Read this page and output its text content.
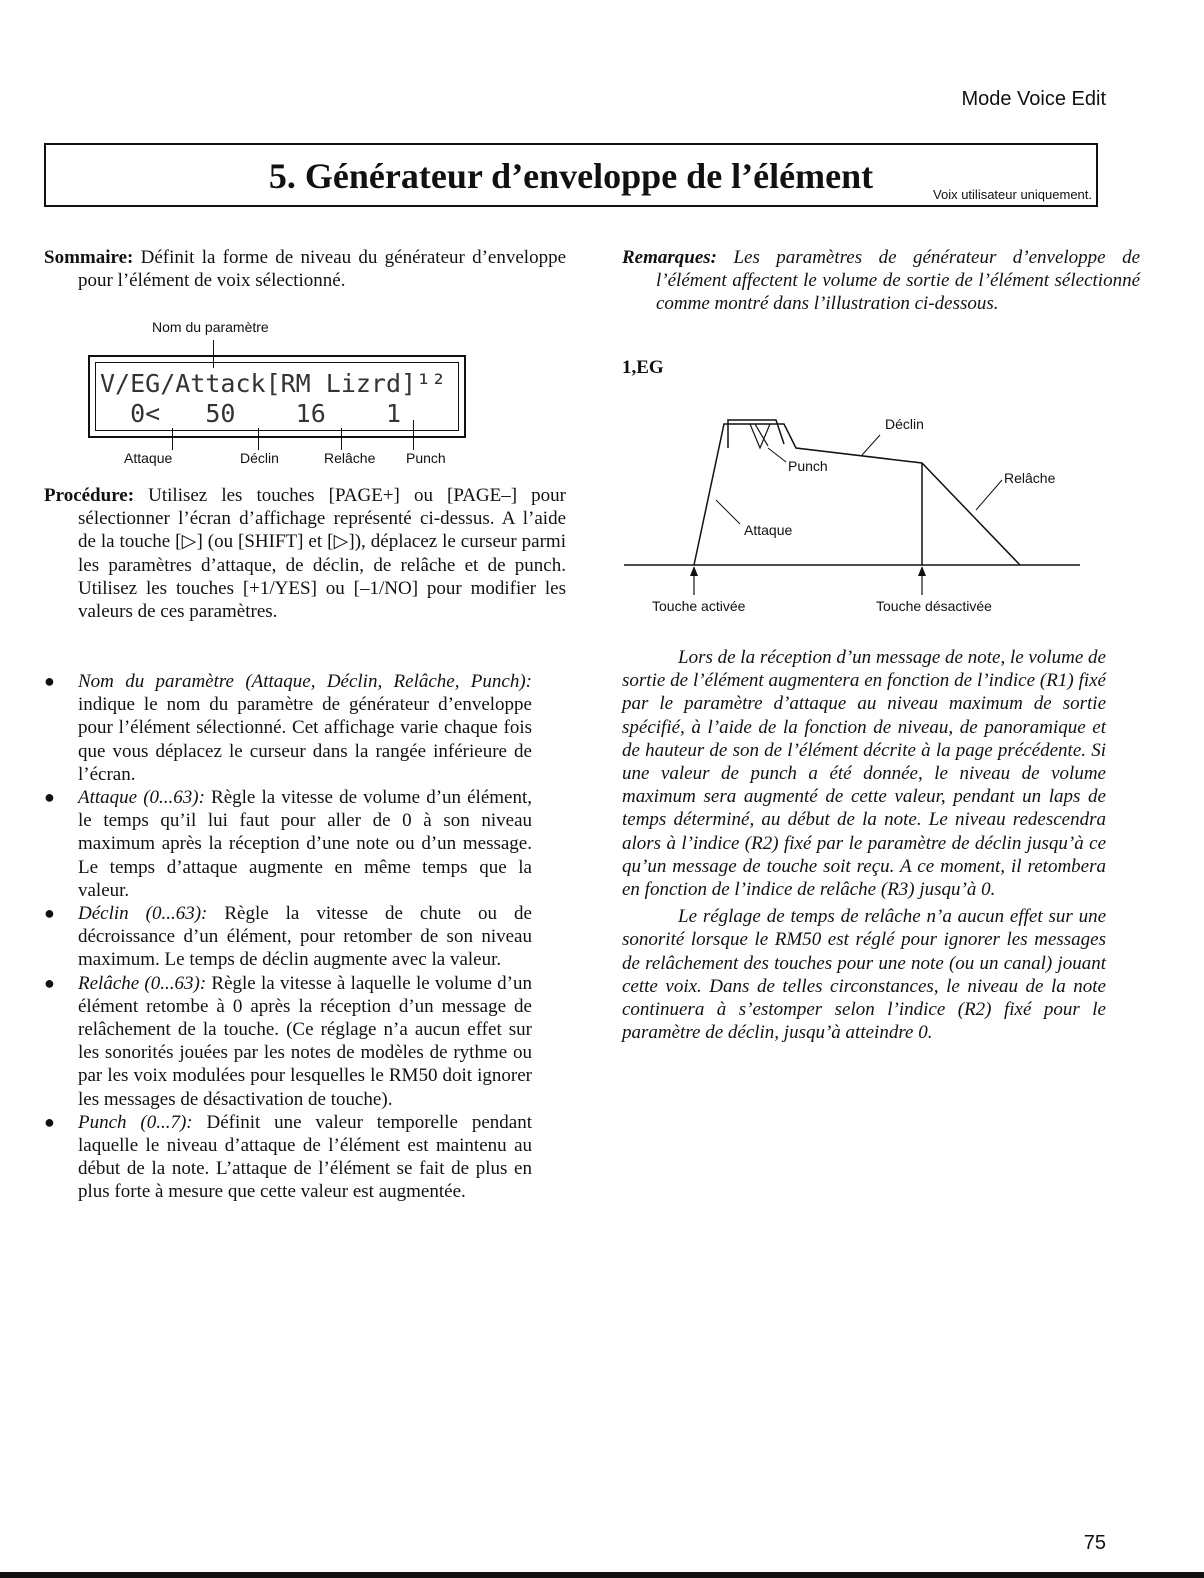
Mode Voice Edit
5. Générateur d’enveloppe de l’élément	Voix utilisateur uniquement.
Sommaire: Définit la forme de niveau du générateur d’enveloppe pour l’élément de voix sélectionné.
Nom du paramètre
V/EG/Attack[RM Lizrd]¹²
0<   50    16    1
Attaque	Déclin	Relâche Punch
Procédure: Utilisez les touches [PAGE+] ou [PAGE–] pour sélectionner l’écran d’affichage représenté ci-dessus. A l’aide de la touche [▷] (ou [SHIFT] et [▷]), déplacez le curseur parmi les paramètres d’attaque, de déclin, de relâche et de punch. Utilisez les touches [+1/YES] ou [–1/NO] pour modifier les valeurs de ces paramètres.
● Nom du paramètre (Attaque, Déclin, Relâche, Punch): indique le nom du paramètre de générateur d’enveloppe pour l’élément sélectionné. Cet affichage varie chaque fois que vous déplacez le curseur dans la rangée inférieure de l’écran.
● Attaque (0...63): Règle la vitesse de volume d’un élément, le temps qu’il lui faut pour aller de 0 à son niveau maximum après la réception d’une note ou d’un message. Le temps d’attaque augmente en même temps que la valeur.
● Déclin (0...63): Règle la vitesse de chute ou de décroissance d’un élément, pour retomber de son niveau maximum. Le temps de déclin augmente avec la valeur.
● Relâche (0...63): Règle la vitesse à laquelle le volume d’un élément retombe à 0 après la réception d’un message de relâchement de la touche. (Ce réglage n’a aucun effet sur les sonorités jouées par les notes de modèles de rythme ou par les voix modulées pour lesquelles le RM50 doit ignorer les messages de désactivation de touche).
● Punch (0...7): Définit une valeur temporelle pendant laquelle le niveau d’attaque de l’élément est maintenu au début de la note. L’attaque de l’élément se fait de plus en plus forte à mesure que cette valeur est augmentée.
Remarques: Les paramètres de générateur d’enveloppe de l’élément affectent le volume de sortie de l’élément sélectionné comme montré dans l’illustration ci-dessous.
1,EG
Déclin
Punch
Relâche
Attaque
Touche activée	Touche désactivée
Lors de la réception d’un message de note, le volume de sortie de l’élément augmentera en fonction de l’indice (R1) fixé par le paramètre d’attaque au niveau maximum de sortie spécifié, à l’aide de la fonction de niveau, de panoramique et de hauteur de son de l’élément décrite à la page précédente. Si une valeur de punch a été donnée, le niveau de volume maximum sera augmenté de cette valeur, pendant un laps de temps déterminé, au début de la note. Le niveau redescendra alors à l’indice (R2) fixé par le paramètre de déclin jusqu’à ce qu’un message de touche soit reçu. A ce moment, il retombera en fonction de l’indice de relâche (R3) jusqu’à 0.
Le réglage de temps de relâche n’a aucun effet sur une sonorité lorsque le RM50 est réglé pour ignorer les messages de relâchement des touches pour une note (ou un canal) jouant cette voix. Dans de telles circonstances, le niveau de la note continuera à s’estomper selon l’indice (R2) fixé pour le paramètre de déclin, jusqu’à atteindre 0.
75
